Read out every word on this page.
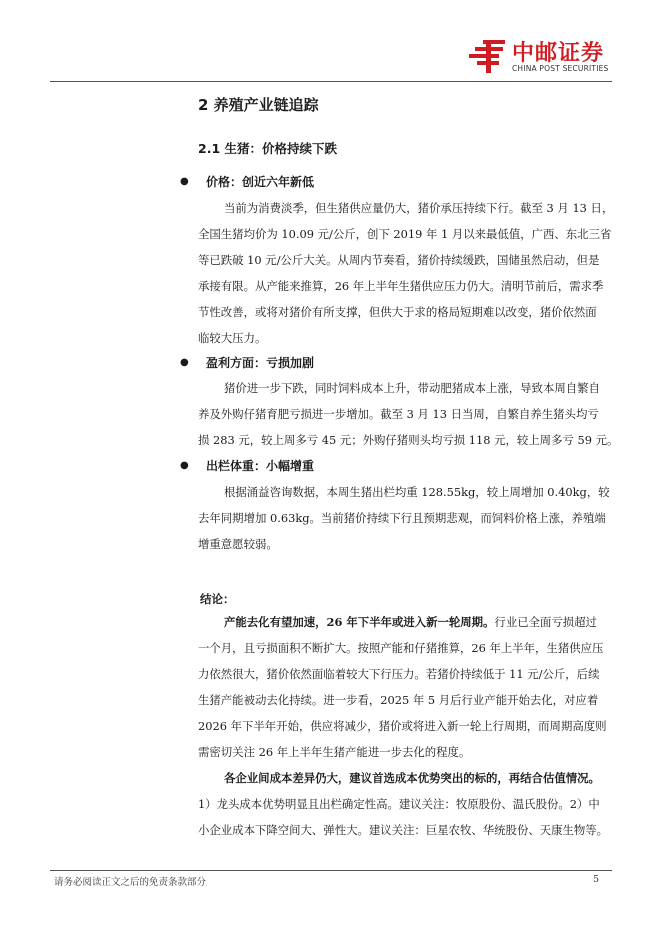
中邮证券
CHINA POST SECURITIES
2 养殖产业链追踪
2.1 生猪：价格持续下跌
● 价格：创近六年新低

当前为消费淡季，但生猪供应量仍大，猪价承压持续下行。截至 3 月 13 日，

全国生猪均价为 10.09 元/公斤，创下 2019 年 1 月以来最低值，广西、东北三省

等已跌破 10 元/公斤大关。从周内节奏看，猪价持续缓跌，国储虽然启动，但是

承接有限。从产能来推算，26 年上半年生猪供应压力仍大。清明节前后，需求季

节性改善，或将对猪价有所支撑，但供大于求的格局短期难以改变，猪价依然面

临较大压力。

● 盈利方面：亏损加剧

猪价进一步下跌，同时饲料成本上升，带动肥猪成本上涨，导致本周自繁自

养及外购仔猪育肥亏损进一步增加。截至 3 月 13 日当周，自繁自养生猪头均亏

损 283 元，较上周多亏 45 元；外购仔猪则头均亏损 118 元，较上周多亏 59 元。

● 出栏体重：小幅增重

根据涌益咨询数据，本周生猪出栏均重 128.55kg，较上周增加 0.40kg，较

去年同期增加 0.63kg。当前猪价持续下行且预期悲观，而饲料价格上涨，养殖端

增重意愿较弱。

结论：

产能去化有望加速，26 年下半年或进入新一轮周期。行业已全面亏损超过

一个月，且亏损面积不断扩大。按照产能和仔猪推算，26 年上半年，生猪供应压

力依然很大，猪价依然面临着较大下行压力。若猪价持续低于 11 元/公斤，后续

生猪产能被动去化持续。进一步看，2025 年 5 月后行业产能开始去化，对应着

2026 年下半年开始，供应将减少，猪价或将进入新一轮上行周期，而周期高度则

需密切关注 26 年上半年生猪产能进一步去化的程度。

各企业间成本差异仍大，建议首选成本优势突出的标的，再结合估值情况。

1）龙头成本优势明显且出栏确定性高。建议关注：牧原股份、温氏股份。2）中

小企业成本下降空间大、弹性大。建议关注：巨星农牧、华统股份、天康生物等。

请务必阅读正文之后的免责条款部分	5
